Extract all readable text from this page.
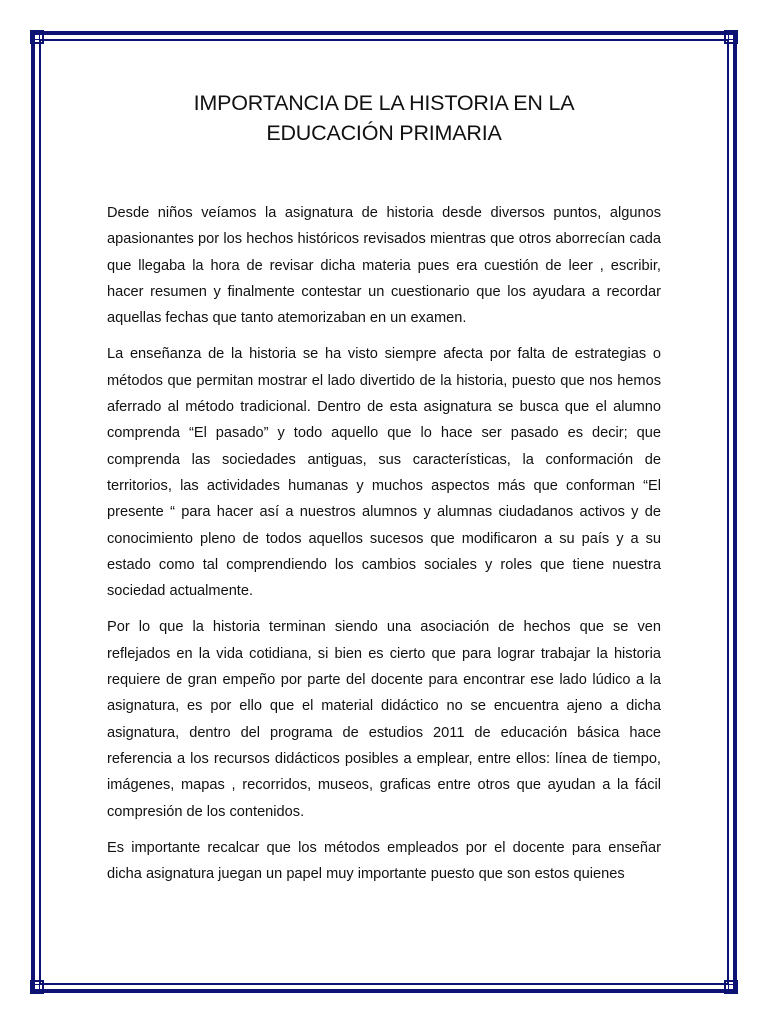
IMPORTANCIA DE LA HISTORIA EN LA
EDUCACIÓN PRIMARIA

Desde niños veíamos la asignatura de historia desde diversos puntos, algunos apasionantes por los hechos históricos revisados mientras que otros aborrecían cada que llegaba la hora de revisar dicha materia pues era cuestión de leer , escribir, hacer resumen y finalmente contestar un cuestionario que los ayudara a recordar aquellas fechas que tanto atemorizaban en un examen.

La enseñanza de la historia se ha visto siempre afecta por falta de estrategias o métodos que permitan mostrar el lado divertido de la historia, puesto que nos hemos aferrado al método tradicional. Dentro de esta asignatura se busca que el alumno comprenda “El pasado” y todo aquello que lo hace ser pasado es decir; que comprenda las sociedades antiguas, sus características, la conformación de territorios, las actividades humanas y muchos aspectos más que conforman “El presente “ para hacer así a nuestros alumnos y alumnas ciudadanos activos y de conocimiento pleno de todos aquellos sucesos que modificaron a su país y a su estado como tal comprendiendo los cambios sociales y roles que tiene nuestra sociedad actualmente.

Por lo que la historia terminan siendo una asociación de hechos que se ven reflejados en la vida cotidiana, si bien es cierto que para lograr trabajar la historia requiere de gran empeño por parte del docente para encontrar ese lado lúdico a la asignatura, es por ello que el material didáctico no se encuentra ajeno a dicha asignatura, dentro del programa de estudios 2011 de educación básica hace referencia a los recursos didácticos posibles a emplear, entre ellos: línea de tiempo, imágenes, mapas , recorridos, museos, graficas entre otros que ayudan a la fácil compresión de los contenidos.

Es importante recalcar que los métodos empleados por el docente para enseñar dicha asignatura juegan un papel muy importante puesto que son estos quienes
